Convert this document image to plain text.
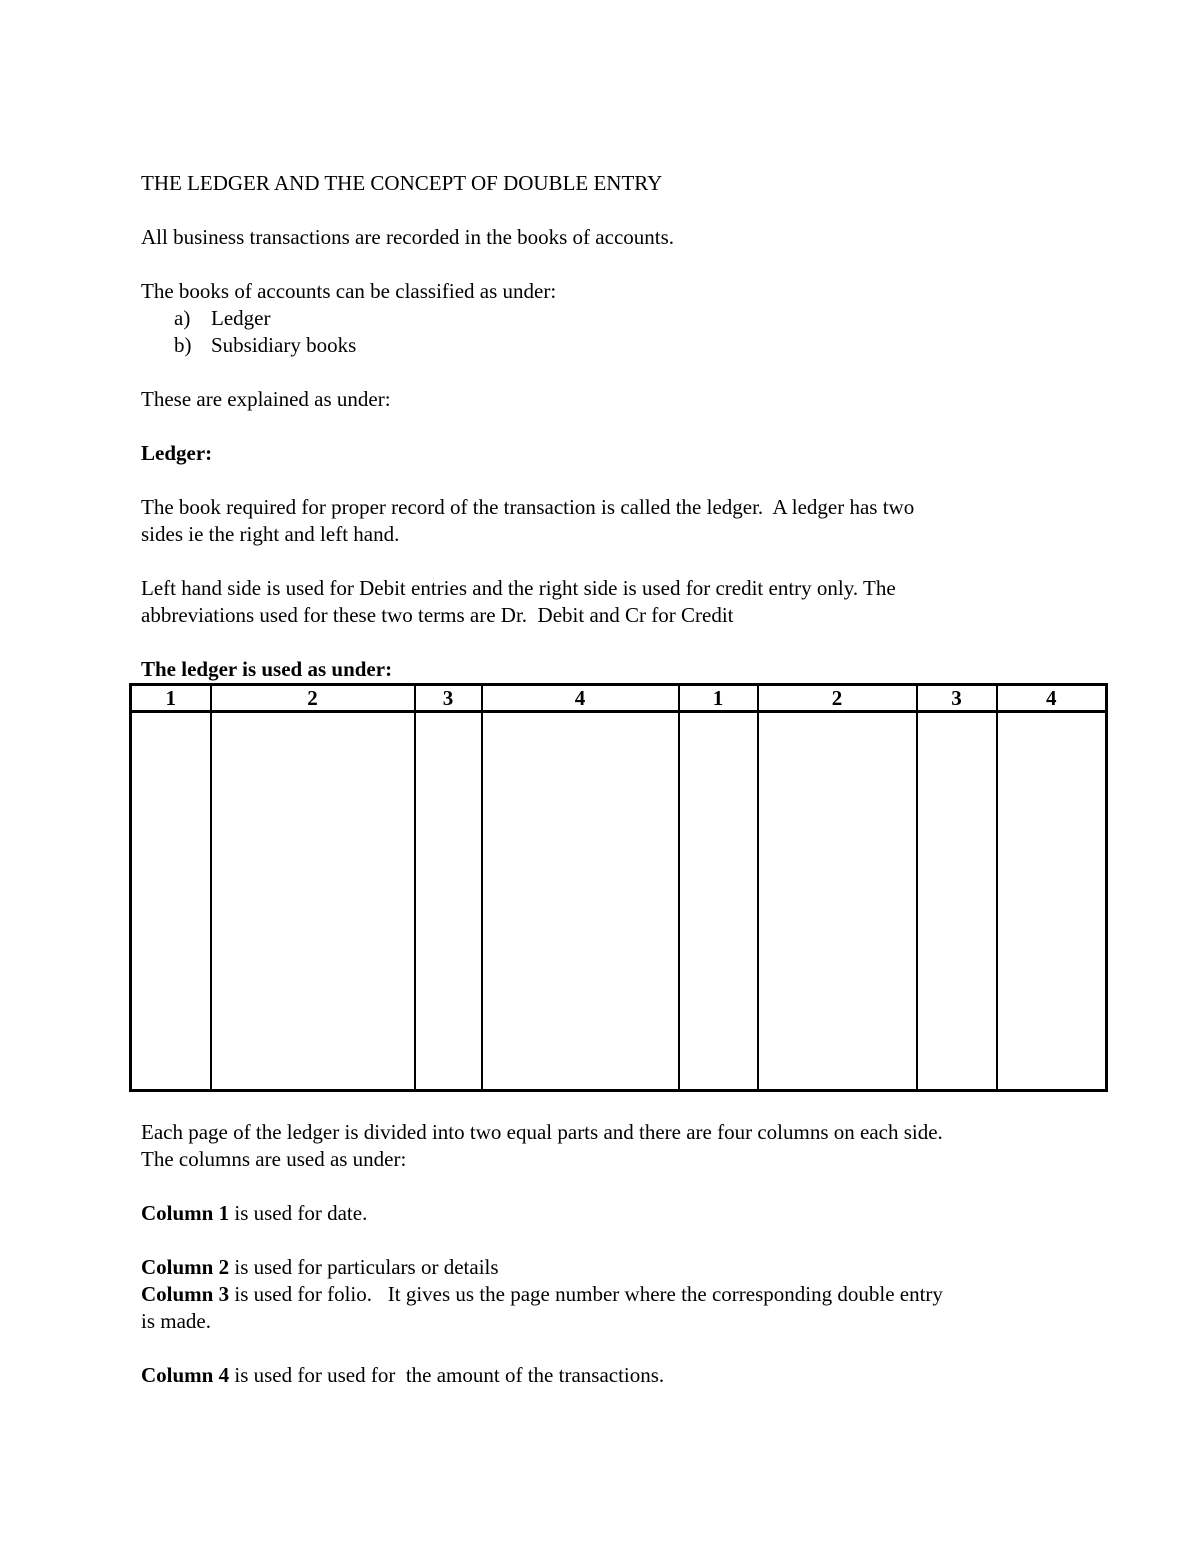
THE LEDGER AND THE CONCEPT OF DOUBLE ENTRY

All business transactions are recorded in the books of accounts.

The books of accounts can be classified as under:

a) Ledger
b) Subsidiary books

These are explained as under:

Ledger:

The book required for proper record of the transaction is called the ledger.  A ledger has two

sides ie the right and left hand.

Left hand side is used for Debit entries and the right side is used for credit entry only. The

abbreviations used for these two terms are Dr.  Debit and Cr for Credit

The ledger is used as under:

1	2	3	4	1	2	3	4

Each page of the ledger is divided into two equal parts and there are four columns on each side.

The columns are used as under:

Column 1 is used for date.

Column 2 is used for particulars or details

Column 3 is used for folio.   It gives us the page number where the corresponding double entry

is made.

Column 4 is used for used for  the amount of the transactions.
